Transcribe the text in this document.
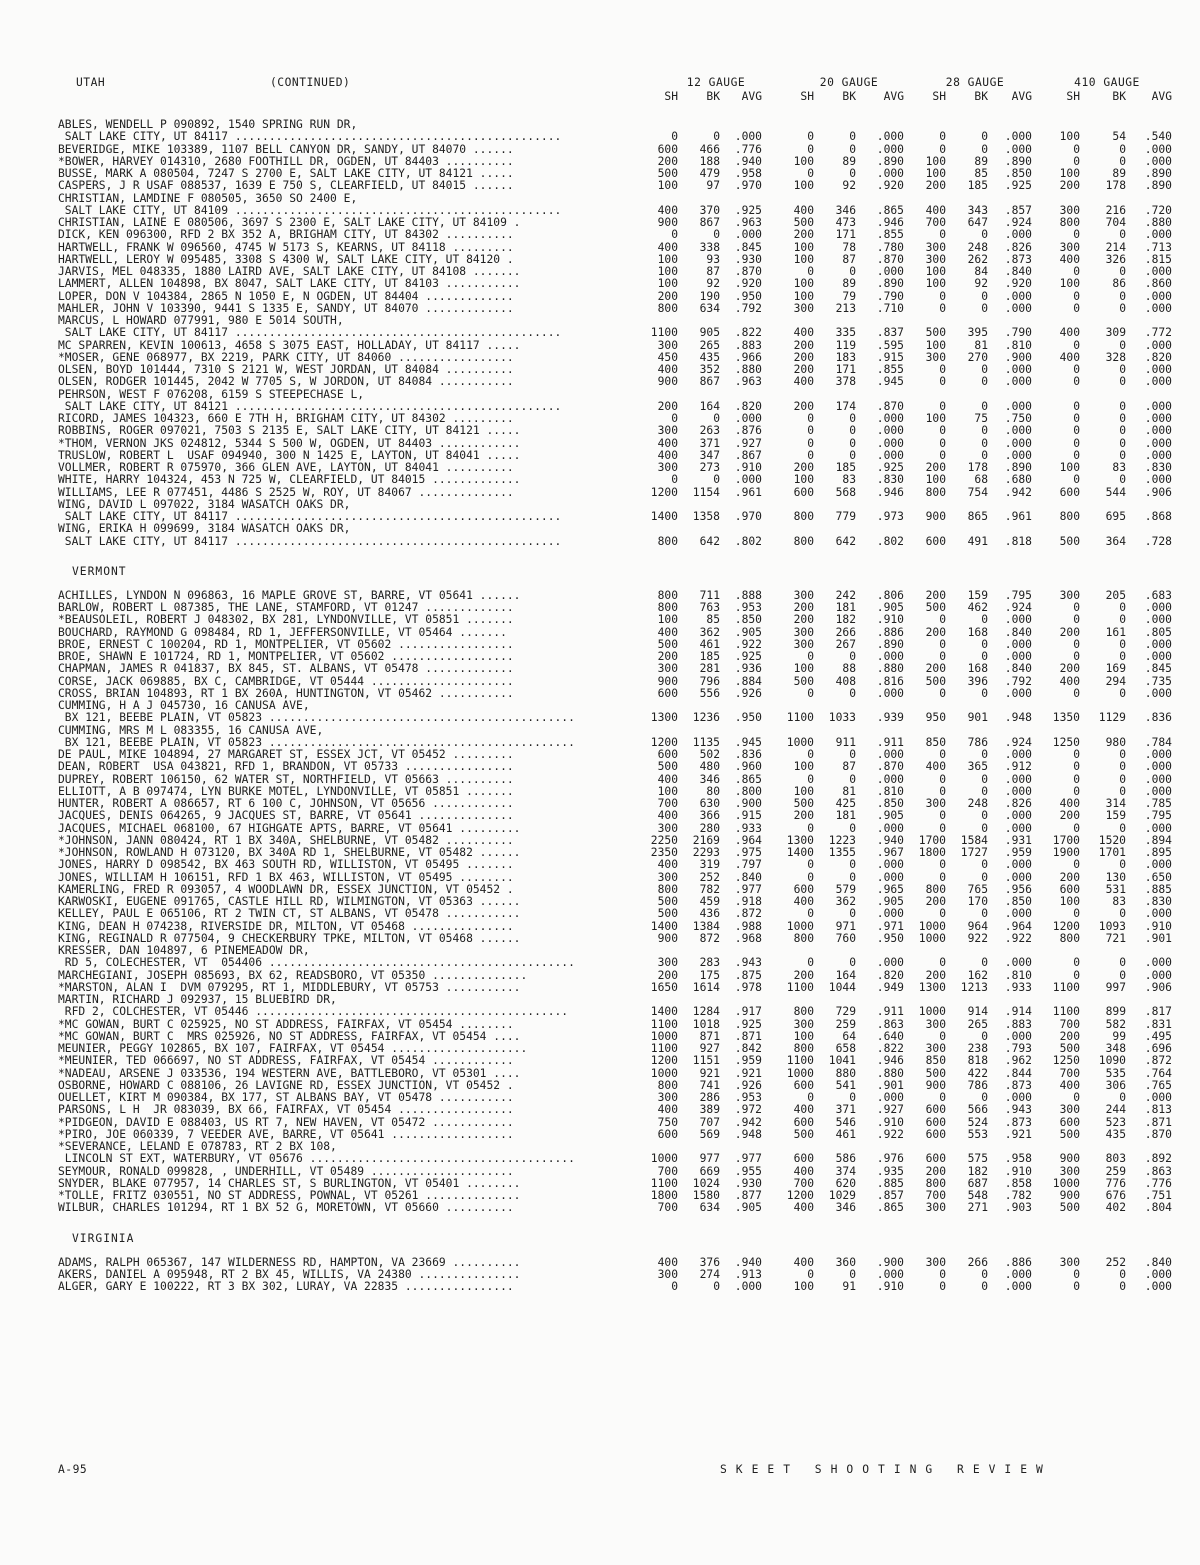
UTAH	(CONTINUED)	12 GAUGE	20 GAUGE	28 GAUGE	410 GAUGE
SH	BK	AVG	SH	BK	AVG	SH	BK	AVG	SH	BK	AVG
ABLES, WENDELL P 090892, 1540 SPRING RUN DR,
SALT LAKE CITY, UT 84117 ................................................	0	0	.000	0	0	.000	0	0	.000	100	54	.540
BEVERIDGE, MIKE 103389, 1107 BELL CANYON DR, SANDY, UT 84070 ......	600	466	.776	0	0	.000	0	0	.000	0	0	.000
*BOWER, HARVEY 014310, 2680 FOOTHILL DR, OGDEN, UT 84403 ..........	200	188	.940	100	89	.890	100	89	.890	0	0	.000
BUSSE, MARK A 080504, 7247 S 2700 E, SALT LAKE CITY, UT 84121 .....	500	479	.958	0	0	.000	100	85	.850	100	89	.890
CASPERS, J R USAF 088537, 1639 E 750 S, CLEARFIELD, UT 84015 ......	100	97	.970	100	92	.920	200	185	.925	200	178	.890
CHRISTIAN, LAMDINE F 080505, 3650 SO 2400 E,
SALT LAKE CITY, UT 84109 ................................................	400	370	.925	400	346	.865	400	343	.857	300	216	.720
CHRISTIAN, LAINE E 080506, 3697 S 2300 E, SALT LAKE CITY, UT 84109 .	900	867	.963	500	473	.946	700	647	.924	800	704	.880
DICK, KEN 096300, RFD 2 BX 352 A, BRIGHAM CITY, UT 84302 ..........	0	0	.000	200	171	.855	0	0	.000	0	0	.000
HARTWELL, FRANK W 096560, 4745 W 5173 S, KEARNS, UT 84118 .........	400	338	.845	100	78	.780	300	248	.826	300	214	.713
HARTWELL, LEROY W 095485, 3308 S 4300 W, SALT LAKE CITY, UT 84120 .	100	93	.930	100	87	.870	300	262	.873	400	326	.815
JARVIS, MEL 048335, 1880 LAIRD AVE, SALT LAKE CITY, UT 84108 .......	100	87	.870	0	0	.000	100	84	.840	0	0	.000
LAMMERT, ALLEN 104898, BX 8047, SALT LAKE CITY, UT 84103 ...........	100	92	.920	100	89	.890	100	92	.920	100	86	.860
LOPER, DON V 104384, 2865 N 1050 E, N OGDEN, UT 84404 .............	200	190	.950	100	79	.790	0	0	.000	0	0	.000
MAHLER, JOHN V 103390, 9441 S 1335 E, SANDY, UT 84070 .............	800	634	.792	300	213	.710	0	0	.000	0	0	.000
MARCUS, L HOWARD 077991, 980 E 5014 SOUTH,
SALT LAKE CITY, UT 84117 ................................................	1100	905	.822	400	335	.837	500	395	.790	400	309	.772
MC SPARREN, KEVIN 100613, 4658 S 3075 EAST, HOLLADAY, UT 84117 .....	300	265	.883	200	119	.595	100	81	.810	0	0	.000
*MOSER, GENE 068977, BX 2219, PARK CITY, UT 84060 .................	450	435	.966	200	183	.915	300	270	.900	400	328	.820
OLSEN, BOYD 101444, 7310 S 2121 W, WEST JORDAN, UT 84084 ..........	400	352	.880	200	171	.855	0	0	.000	0	0	.000
OLSEN, RODGER 101445, 2042 W 7705 S, W JORDON, UT 84084 ...........	900	867	.963	400	378	.945	0	0	.000	0	0	.000
PEHRSON, WEST F 076208, 6159 S STEEPECHASE L,
SALT LAKE CITY, UT 84121 ................................................	200	164	.820	200	174	.870	0	0	.000	0	0	.000
RICORD, JAMES 104323, 660 E 7TH H, BRIGHAM CITY, UT 84302 .........	0	0	.000	0	0	.000	100	75	.750	0	0	.000
ROBBINS, ROGER 097021, 7503 S 2135 E, SALT LAKE CITY, UT 84121 .....	300	263	.876	0	0	.000	0	0	.000	0	0	.000
*THOM, VERNON JKS 024812, 5344 S 500 W, OGDEN, UT 84403 ............	400	371	.927	0	0	.000	0	0	.000	0	0	.000
TRUSLOW, ROBERT L  USAF 094940, 300 N 1425 E, LAYTON, UT 84041 .....	400	347	.867	0	0	.000	0	0	.000	0	0	.000
VOLLMER, ROBERT R 075970, 366 GLEN AVE, LAYTON, UT 84041 ..........	300	273	.910	200	185	.925	200	178	.890	100	83	.830
WHITE, HARRY 104324, 453 N 725 W, CLEARFIELD, UT 84015 .............	0	0	.000	100	83	.830	100	68	.680	0	0	.000
WILLIAMS, LEE R 077451, 4486 S 2525 W, ROY, UT 84067 ..............	1200	1154	.961	600	568	.946	800	754	.942	600	544	.906
WING, DAVID L 097022, 3184 WASATCH OAKS DR,
SALT LAKE CITY, UT 84117 ................................................	1400	1358	.970	800	779	.973	900	865	.961	800	695	.868
WING, ERIKA H 099699, 3184 WASATCH OAKS DR,
SALT LAKE CITY, UT 84117 ................................................	800	642	.802	800	642	.802	600	491	.818	500	364	.728
VERMONT
ACHILLES, LYNDON N 096863, 16 MAPLE GROVE ST, BARRE, VT 05641 ......	800	711	.888	300	242	.806	200	159	.795	300	205	.683
BARLOW, ROBERT L 087385, THE LANE, STAMFORD, VT 01247 .............	800	763	.953	200	181	.905	500	462	.924	0	0	.000
*BEAUSOLEIL, ROBERT J 048302, BX 281, LYNDONVILLE, VT 05851 .......	100	85	.850	200	182	.910	0	0	.000	0	0	.000
BOUCHARD, RAYMOND G 098484, RD 1, JEFFERSONVILLE, VT 05464 .......	400	362	.905	300	266	.886	200	168	.840	200	161	.805
BROE, ERNEST C 100204, RD 1, MONTPELIER, VT 05602 .................	500	461	.922	300	267	.890	0	0	.000	0	0	.000
BROE, SHAWN E 101724, RD 1, MONTPELIER, VT 05602 ..................	200	185	.925	0	0	.000	0	0	.000	0	0	.000
CHAPMAN, JAMES R 041837, BX 845, ST. ALBANS, VT 05478 .............	300	281	.936	100	88	.880	200	168	.840	200	169	.845
CORSE, JACK 069885, BX C, CAMBRIDGE, VT 05444 .....................	900	796	.884	500	408	.816	500	396	.792	400	294	.735
CROSS, BRIAN 104893, RT 1 BX 260A, HUNTINGTON, VT 05462 ...........	600	556	.926	0	0	.000	0	0	.000	0	0	.000
CUMMING, H A J 045730, 16 CANUSA AVE,
BX 121, BEEBE PLAIN, VT 05823 .............................................	1300	1236	.950	1100	1033	.939	950	901	.948	1350	1129	.836
CUMMING, MRS M L 083355, 16 CANUSA AVE,
BX 121, BEEBE PLAIN, VT 05823 .............................................	1200	1135	.945	1000	911	.911	850	786	.924	1250	980	.784
DE PAUL, MIKE 104894, 27 MARGARET ST, ESSEX JCT, VT 05452 .........	600	502	.836	0	0	.000	0	0	.000	0	0	.000
DEAN, ROBERT  USA 043821, RFD 1, BRANDON, VT 05733 ................	500	480	.960	100	87	.870	400	365	.912	0	0	.000
DUPREY, ROBERT 106150, 62 WATER ST, NORTHFIELD, VT 05663 ..........	400	346	.865	0	0	.000	0	0	.000	0	0	.000
ELLIOTT, A B 097474, LYN BURKE MOTEL, LYNDONVILLE, VT 05851 .......	100	80	.800	100	81	.810	0	0	.000	0	0	.000
HUNTER, ROBERT A 086657, RT 6 100 C, JOHNSON, VT 05656 ............	700	630	.900	500	425	.850	300	248	.826	400	314	.785
JACQUES, DENIS 064265, 9 JACQUES ST, BARRE, VT 05641 ..............	400	366	.915	200	181	.905	0	0	.000	200	159	.795
JACQUES, MICHAEL 068100, 67 HIGHGATE APTS, BARRE, VT 05641 .........	300	280	.933	0	0	.000	0	0	.000	0	0	.000
*JOHNSON, JANN 080424, RT 1 BX 340A, SHELBURNE, VT 05482 ..........	2250	2169	.964	1300	1223	.940	1700	1584	.931	1700	1520	.894
*JOHNSON, ROWLAND H 073120, BX 340A RD 1, SHELBURNE, VT 05482 ......	2350	2293	.975	1400	1355	.967	1800	1727	.959	1900	1701	.895
JONES, HARRY D 098542, BX 463 SOUTH RD, WILLISTON, VT 05495 .......	400	319	.797	0	0	.000	0	0	.000	0	0	.000
JONES, WILLIAM H 106151, RFD 1 BX 463, WILLISTON, VT 05495 ........	300	252	.840	0	0	.000	0	0	.000	200	130	.650
KAMERLING, FRED R 093057, 4 WOODLAWN DR, ESSEX JUNCTION, VT 05452 .	800	782	.977	600	579	.965	800	765	.956	600	531	.885
KARWOSKI, EUGENE 091765, CASTLE HILL RD, WILMINGTON, VT 05363 ......	500	459	.918	400	362	.905	200	170	.850	100	83	.830
KELLEY, PAUL E 065106, RT 2 TWIN CT, ST ALBANS, VT 05478 ...........	500	436	.872	0	0	.000	0	0	.000	0	0	.000
KING, DEAN H 074238, RIVERSIDE DR, MILTON, VT 05468 ...............	1400	1384	.988	1000	971	.971	1000	964	.964	1200	1093	.910
KING, REGINALD R 077504, 9 CHECKERBURY TPKE, MILTON, VT 05468 ......	900	872	.968	800	760	.950	1000	922	.922	800	721	.901
KRESSER, DAN 104897, 6 PINEMEADOW DR,
RD 5, COLECHESTER, VT  054406 .............................................	300	283	.943	0	0	.000	0	0	.000	0	0	.000
MARCHEGIANI, JOSEPH 085693, BX 62, READSBORO, VT 05350 ..............	200	175	.875	200	164	.820	200	162	.810	0	0	.000
*MARSTON, ALAN I  DVM 079295, RT 1, MIDDLEBURY, VT 05753 ...........	1650	1614	.978	1100	1044	.949	1300	1213	.933	1100	997	.906
MARTIN, RICHARD J 092937, 15 BLUEBIRD DR,
RFD 2, COLCHESTER, VT 05446 ..............................................	1400	1284	.917	800	729	.911	1000	914	.914	1100	899	.817
*MC GOWAN, BURT C 025925, NO ST ADDRESS, FAIRFAX, VT 05454 ........	1100	1018	.925	300	259	.863	300	265	.883	700	582	.831
*MC GOWAN, BURT C  MRS 025926, NO ST ADDRESS, FAIRFAX, VT 05454 ....	1000	871	.871	100	64	.640	0	0	.000	200	99	.495
MEUNIER, PEGGY 102865, BX 107, FAIRFAX, VT 05454 ....................	1100	927	.842	800	658	.822	300	238	.793	500	348	.696
*MEUNIER, TED 066697, NO ST ADDRESS, FAIRFAX, VT 05454 ............	1200	1151	.959	1100	1041	.946	850	818	.962	1250	1090	.872
*NADEAU, ARSENE J 033536, 194 WESTERN AVE, BATTLEBORO, VT 05301 ....	1000	921	.921	1000	880	.880	500	422	.844	700	535	.764
OSBORNE, HOWARD C 088106, 26 LAVIGNE RD, ESSEX JUNCTION, VT 05452 .	800	741	.926	600	541	.901	900	786	.873	400	306	.765
OUELLET, KIRT M 090384, BX 177, ST ALBANS BAY, VT 05478 ...........	300	286	.953	0	0	.000	0	0	.000	0	0	.000
PARSONS, L H  JR 083039, BX 66, FAIRFAX, VT 05454 .................	400	389	.972	400	371	.927	600	566	.943	300	244	.813
*PIDGEON, DAVID E 088403, US RT 7, NEW HAVEN, VT 05472 ............	750	707	.942	600	546	.910	600	524	.873	600	523	.871
*PIRO, JOE 060339, 7 VEEDER AVE, BARRE, VT 05641 ..................	600	569	.948	500	461	.922	600	553	.921	500	435	.870
*SEVERANCE, LELAND E 078783, RT 2 BX 108,
LINCOLN ST EXT, WATERBURY, VT 05676 .......................................	1000	977	.977	600	586	.976	600	575	.958	900	803	.892
SEYMOUR, RONALD 099828, , UNDERHILL, VT 05489 .....................	700	669	.955	400	374	.935	200	182	.910	300	259	.863
SNYDER, BLAKE 077957, 14 CHARLES ST, S BURLINGTON, VT 05401 ........	1100	1024	.930	700	620	.885	800	687	.858	1000	776	.776
*TOLLE, FRITZ 030551, NO ST ADDRESS, POWNAL, VT 05261 ..............	1800	1580	.877	1200	1029	.857	700	548	.782	900	676	.751
WILBUR, CHARLES 101294, RT 1 BX 52 G, MORETOWN, VT 05660 ..........	700	634	.905	400	346	.865	300	271	.903	500	402	.804
VIRGINIA
ADAMS, RALPH 065367, 147 WILDERNESS RD, HAMPTON, VA 23669 ..........	400	376	.940	400	360	.900	300	266	.886	300	252	.840
AKERS, DANIEL A 095948, RT 2 BX 45, WILLIS, VA 24380 ...............	300	274	.913	0	0	.000	0	0	.000	0	0	.000
ALGER, GARY E 100222, RT 3 BX 302, LURAY, VA 22835 ................	0	0	.000	100	91	.910	0	0	.000	0	0	.000
A-95	SKEET SHOOTING REVIEW
